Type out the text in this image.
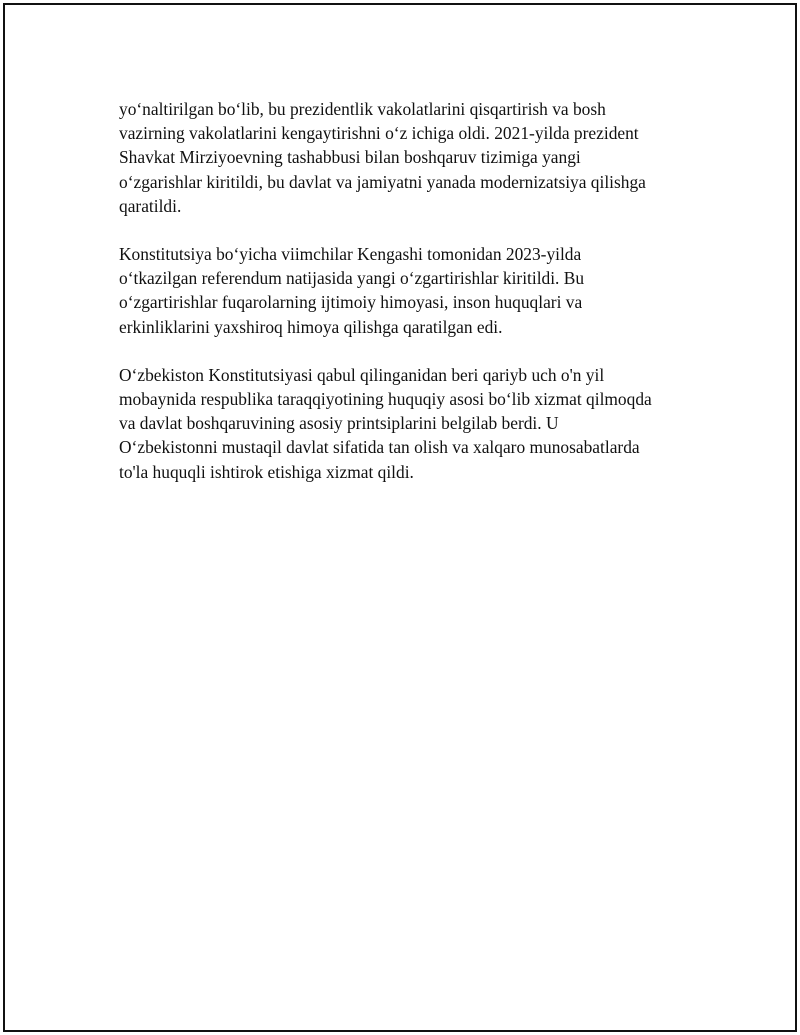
yo‘naltirilgan bo‘lib, bu prezidentlik vakolatlarini qisqartirish va bosh
vazirning vakolatlarini kengaytirishni o‘z ichiga oldi. 2021-yilda prezident
Shavkat Mirziyoevning tashabbusi bilan boshqaruv tizimiga yangi
o‘zgarishlar kiritildi, bu davlat va jamiyatni yanada modernizatsiya qilishga
qaratildi.

Konstitutsiya bo‘yicha viimchilar Kengashi tomonidan 2023-yilda
o‘tkazilgan referendum natijasida yangi o‘zgartirishlar kiritildi. Bu
o‘zgartirishlar fuqarolarning ijtimoiy himoyasi, inson huquqlari va
erkinliklarini yaxshiroq himoya qilishga qaratilgan edi.

O‘zbekiston Konstitutsiyasi qabul qilinganidan beri qariyb uch o'n yil
mobaynida respublika taraqqiyotining huquqiy asosi bo‘lib xizmat qilmoqda
va davlat boshqaruvining asosiy printsiplarini belgilab berdi. U
O‘zbekistonni mustaqil davlat sifatida tan olish va xalqaro munosabatlarda
to'la huquqli ishtirok etishiga xizmat qildi.
